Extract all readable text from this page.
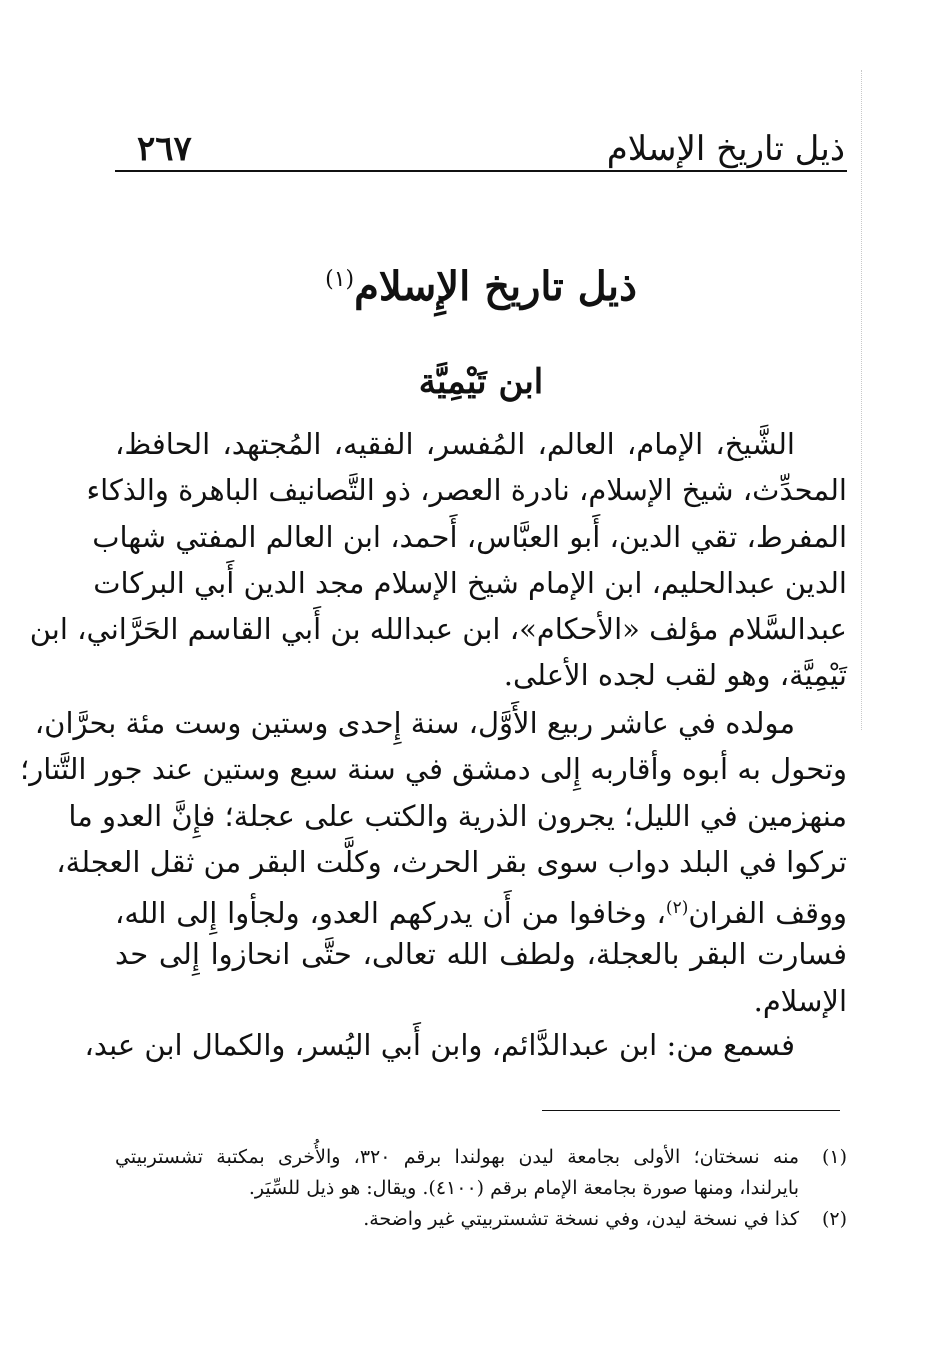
ذيل تاريخ الإسلام
٢٦٧
ذيل تاريخ الإِسلام$^{(١)}$
ابن تَيْمِيَّة
الشَّيخ، الإمام، العالم، المُفسر، الفقيه، المُجتهد، الحافظ،
المحدِّث، شيخ الإسلام، نادرة العصر، ذو التَّصانيف الباهرة والذكاء
المفرط، تقي الدين، أَبو العبَّاس، أَحمد، ابن العالم المفتي شهاب
الدين عبدالحليم، ابن الإمام شيخ الإسلام مجد الدين أَبي البركات
عبدالسَّلام مؤلف «الأحكام»، ابن عبدالله بن أَبي القاسم الحَرَّاني، ابن
تَيْمِيَّة، وهو لقب لجده الأعلى.
مولده في عاشر ربيع الأَوَّل، سنة إِحدى وستين وست مئة بحرَّان،
وتحول به أبوه وأقاربه إِلى دمشق في سنة سبع وستين عند جور التَّتار؛
منهزمين في الليل؛ يجرون الذرية والكتب على عجلة؛ فإِنَّ العدو ما
تركوا في البلد دواب سوى بقر الحرث، وكلَّت البقر من ثقل العجلة،
ووقف الفران$^{(٢)}$، وخافوا من أَن يدركهم العدو، ولجأوا إِلى الله،
فسارت البقر بالعجلة، ولطف الله تعالى، حتَّى انحازوا إِلى حد
الإسلام.
فسمع من: ابن عبدالدَّائم، وابن أَبي اليُسر، والكمال ابن عبد،
(١)منه نسختان؛ الأولى بجامعة ليدن بهولندا برقم ٣٢٠، والأُخرى بمكتبة تشستربيتي
بايرلندا، ومنها صورة بجامعة الإمام برقم (٤١٠٠). ويقال: هو ذيل للسِّيَر.
(٢)كذا في نسخة ليدن، وفي نسخة تشستربيتي غير واضحة.
